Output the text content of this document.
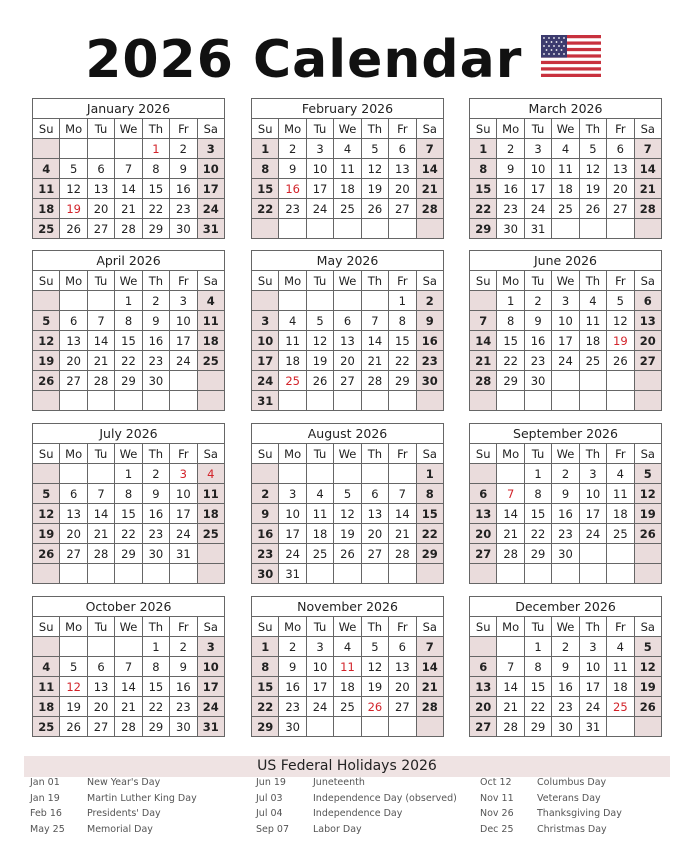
2026 Calendar
January 2026
Su	Mo	Tu	We	Th	Fr	Sa
				1	2	3
4	5	6	7	8	9	10
11	12	13	14	15	16	17
18	19	20	21	22	23	24
25	26	27	28	29	30	31
February 2026
Su	Mo	Tu	We	Th	Fr	Sa
1	2	3	4	5	6	7
8	9	10	11	12	13	14
15	16	17	18	19	20	21
22	23	24	25	26	27	28

March 2026
Su	Mo	Tu	We	Th	Fr	Sa
1	2	3	4	5	6	7
8	9	10	11	12	13	14
15	16	17	18	19	20	21
22	23	24	25	26	27	28
29	30	31				
April 2026
Su	Mo	Tu	We	Th	Fr	Sa
			1	2	3	4
5	6	7	8	9	10	11
12	13	14	15	16	17	18
19	20	21	22	23	24	25
26	27	28	29	30		

May 2026
Su	Mo	Tu	We	Th	Fr	Sa
					1	2
3	4	5	6	7	8	9
10	11	12	13	14	15	16
17	18	19	20	21	22	23
24	25	26	27	28	29	30
31						
June 2026
Su	Mo	Tu	We	Th	Fr	Sa
	1	2	3	4	5	6
7	8	9	10	11	12	13
14	15	16	17	18	19	20
21	22	23	24	25	26	27
28	29	30				

July 2026
Su	Mo	Tu	We	Th	Fr	Sa
			1	2	3	4
5	6	7	8	9	10	11
12	13	14	15	16	17	18
19	20	21	22	23	24	25
26	27	28	29	30	31	

August 2026
Su	Mo	Tu	We	Th	Fr	Sa
						1
2	3	4	5	6	7	8
9	10	11	12	13	14	15
16	17	18	19	20	21	22
23	24	25	26	27	28	29
30	31					
September 2026
Su	Mo	Tu	We	Th	Fr	Sa
		1	2	3	4	5
6	7	8	9	10	11	12
13	14	15	16	17	18	19
20	21	22	23	24	25	26
27	28	29	30			

October 2026
Su	Mo	Tu	We	Th	Fr	Sa
				1	2	3
4	5	6	7	8	9	10
11	12	13	14	15	16	17
18	19	20	21	22	23	24
25	26	27	28	29	30	31
November 2026
Su	Mo	Tu	We	Th	Fr	Sa
1	2	3	4	5	6	7
8	9	10	11	12	13	14
15	16	17	18	19	20	21
22	23	24	25	26	27	28
29	30					
December 2026
Su	Mo	Tu	We	Th	Fr	Sa
		1	2	3	4	5
6	7	8	9	10	11	12
13	14	15	16	17	18	19
20	21	22	23	24	25	26
27	28	29	30	31		
US Federal Holidays 2026
Jan 01	New Year's Day
Jan 19	Martin Luther King Day
Feb 16	Presidents' Day
May 25 Memorial Day
Jun 19	Juneteenth
Jul 03	Independence Day (observed)
Jul 04	Independence Day
Sep 07	Labor Day
Oct 12	Columbus Day
Nov 11 Veterans Day
Nov 26 Thanksgiving Day
Dec 25 Christmas Day
